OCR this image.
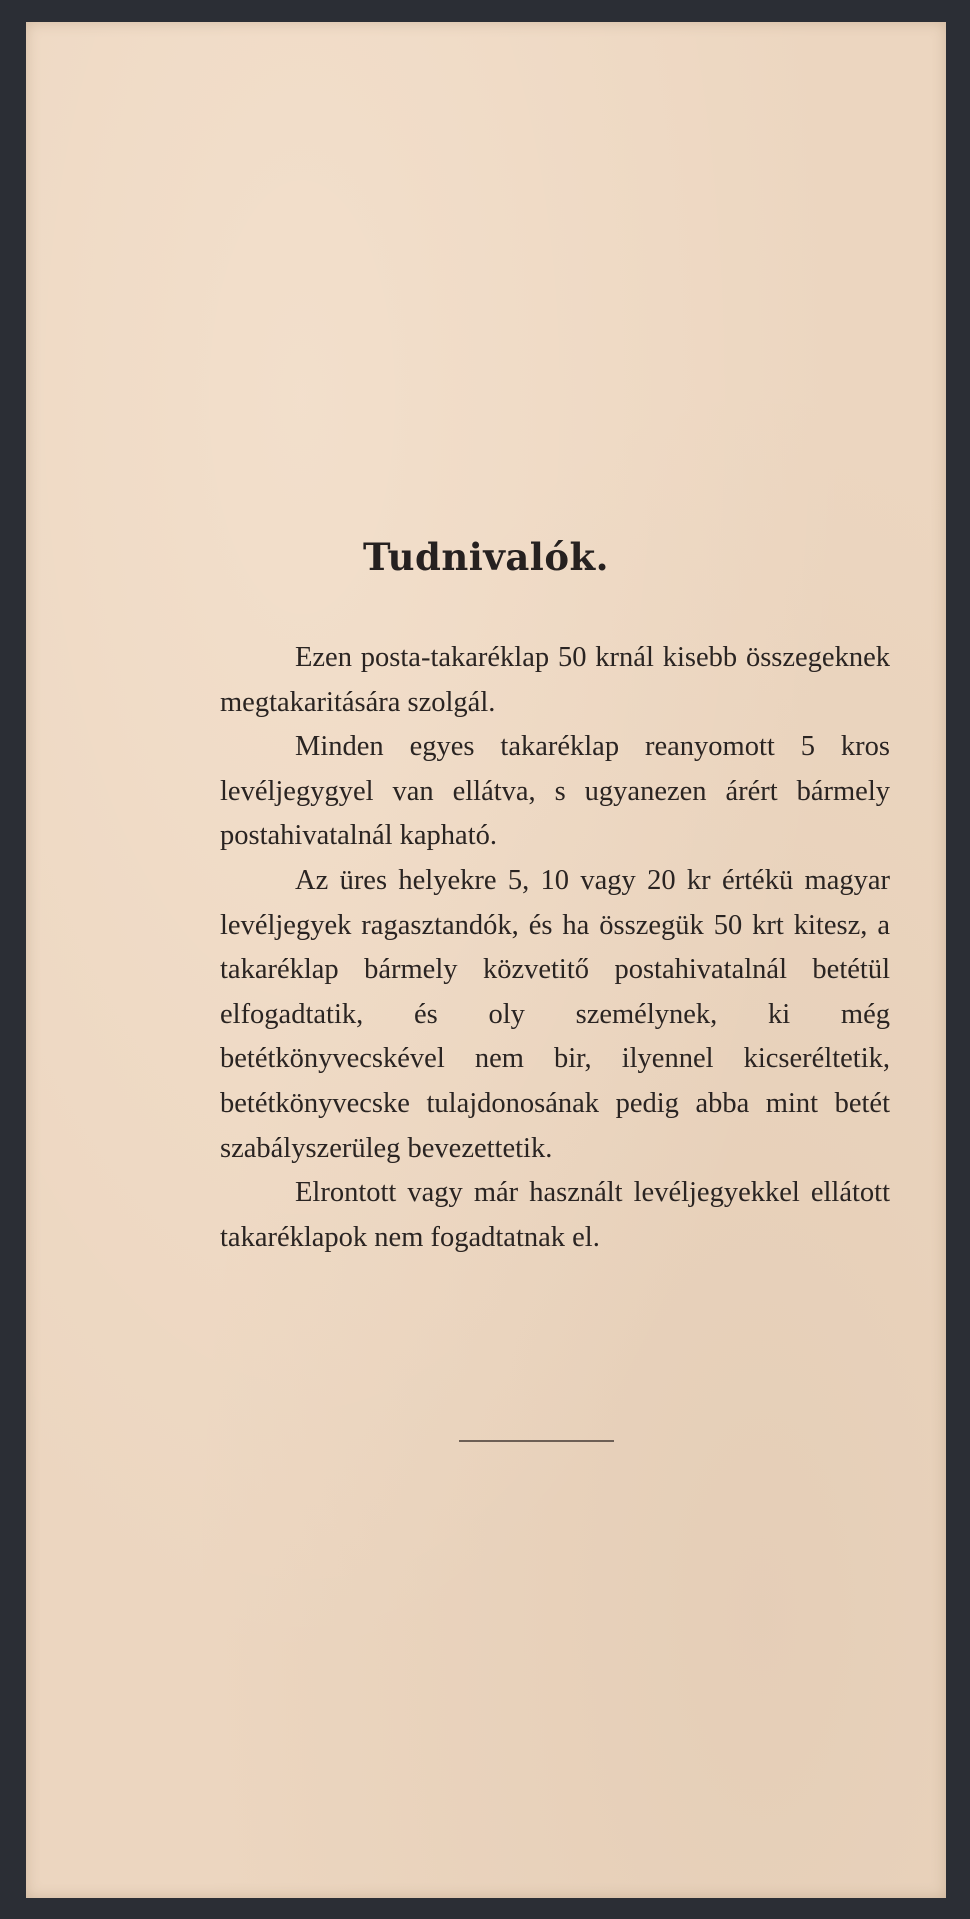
Tudnivalók.

Ezen posta-takaréklap 50 krnál kisebb összegeknek megtakaritására szolgál.

Minden egyes takaréklap reanyomott 5 kros levéljegygyel van ellátva, s ugyanezen árért bármely postahivatalnál kapható.

Az üres helyekre 5, 10 vagy 20 kr értékü magyar levéljegyek ragasztandók, és ha összegük 50 krt kitesz, a takaréklap bármely közvetitő postahivatalnál betétül elfogadtatik, és oly személynek, ki még betétkönyvecskével nem bir, ilyennel kicseréltetik, betétkönyvecske tulajdonosának pedig abba mint betét szabályszerüleg bevezettetik.

Elrontott vagy már használt levéljegyekkel ellátott takaréklapok nem fogadtatnak el.
